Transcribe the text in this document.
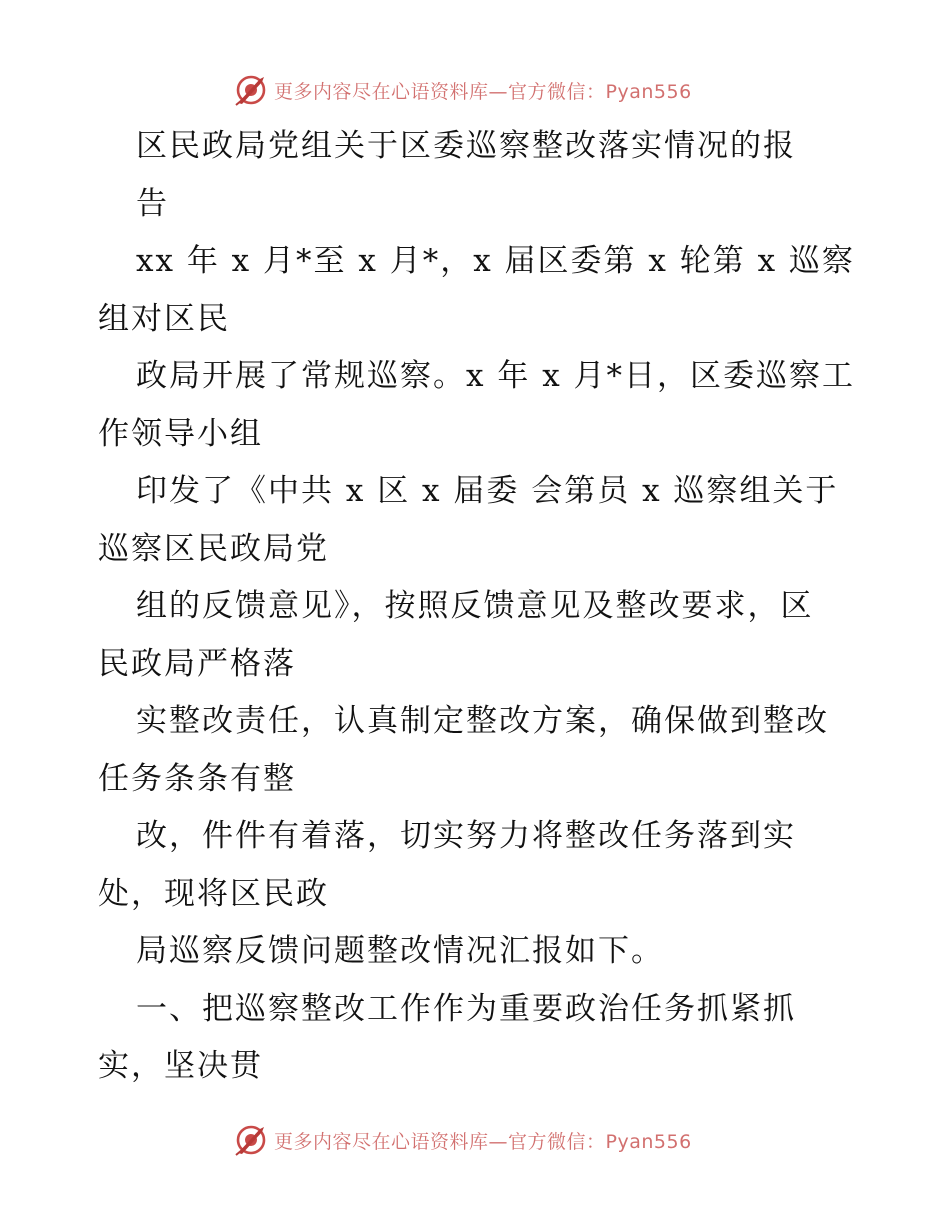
更多内容尽在心语资料库—官方微信：Pyan556
区民政局党组关于区委巡察整改落实情况的报
告
xx 年 x 月*至 x 月*，x 届区委第 x 轮第 x 巡察
组对区民
政局开展了常规巡察。x 年 x 月*日，区委巡察工
作领导小组
印发了《中共 x 区 x 届委 会第员 x 巡察组关于
巡察区民政局党
组的反馈意见》，按照反馈意见及整改要求，区
民政局严格落
实整改责任，认真制定整改方案，确保做到整改
任务条条有整
改，件件有着落，切实努力将整改任务落到实
处，现将区民政
局巡察反馈问题整改情况汇报如下。
一、把巡察整改工作作为重要政治任务抓紧抓
实，坚决贯
更多内容尽在心语资料库—官方微信：Pyan556
